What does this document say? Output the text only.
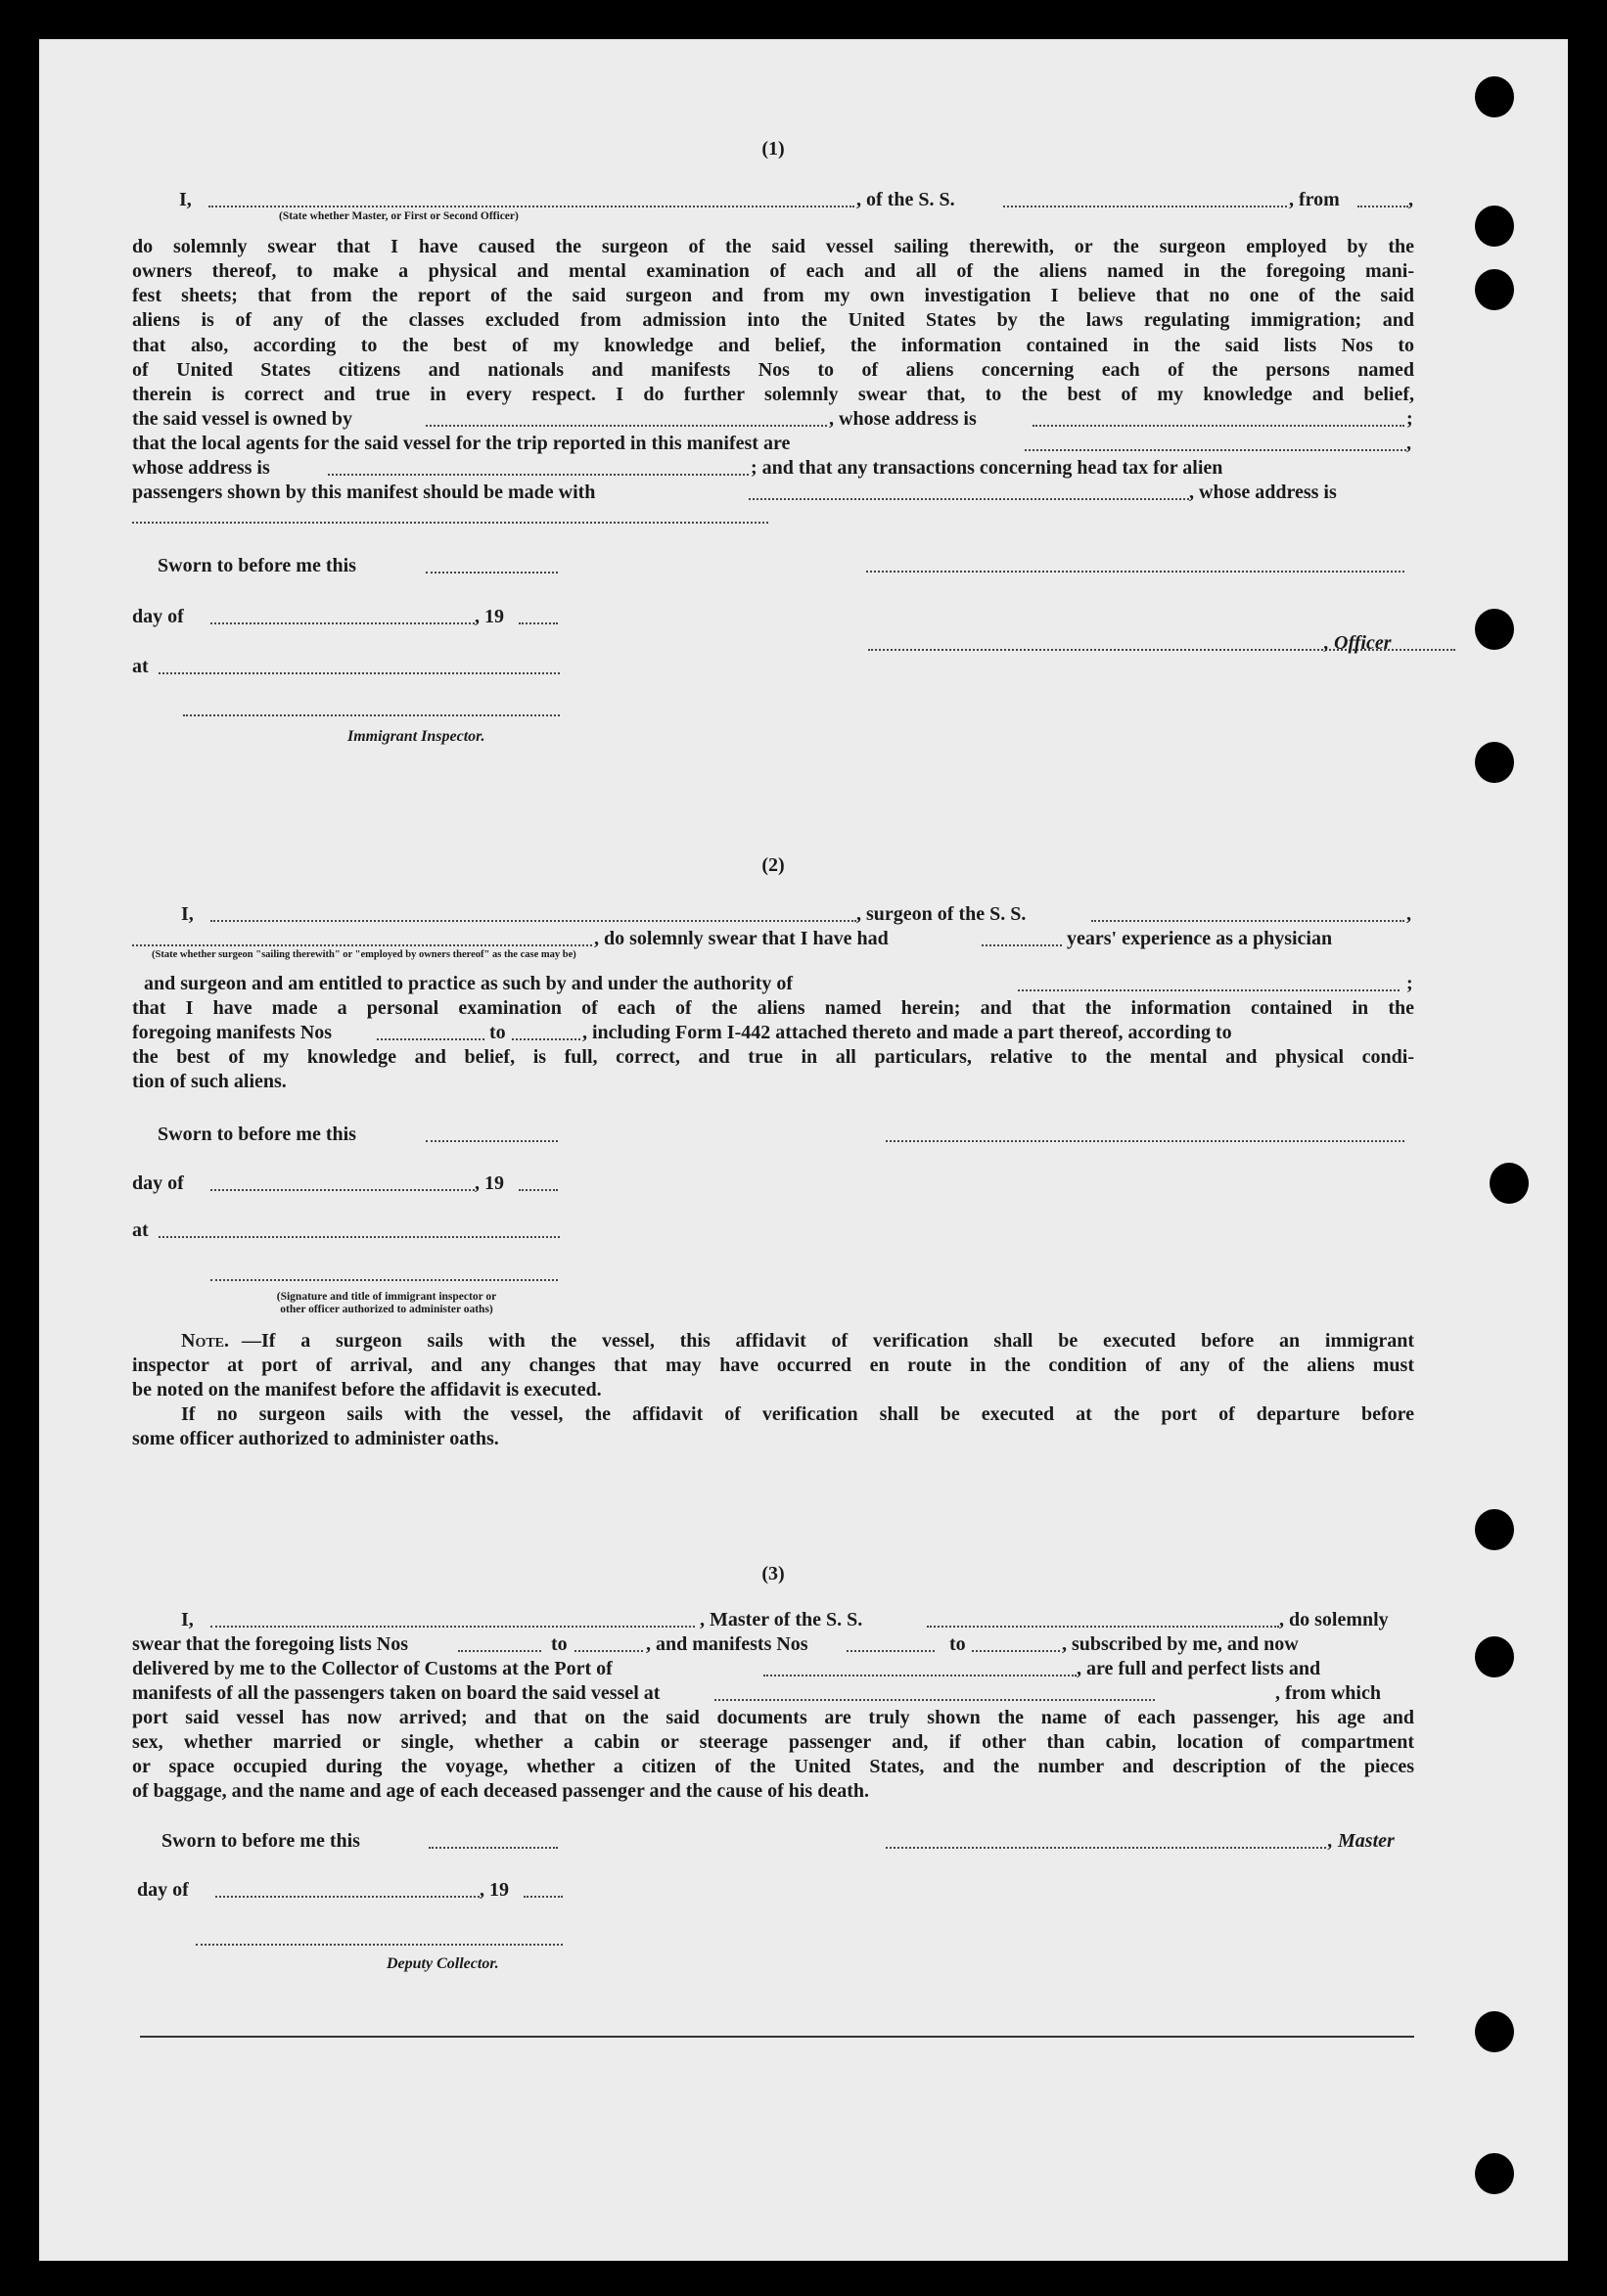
(1)
I,	, of the S. S.	, from	,
(State whether Master, or First or Second Officer)
do solemnly swear that I have caused the surgeon of the said vessel sailing therewith, or the surgeon employed by the
owners thereof, to make a physical and mental examination of each and all of the aliens named in the foregoing mani-
fest sheets; that from the report of the said surgeon and from my own investigation I believe that no one of the said
aliens is of any of the classes excluded from admission into the United States by the laws regulating immigration; and
that also, according to the best of my knowledge and belief, the information contained in the said lists Nos to
of United States citizens and nationals and manifests Nos to of aliens concerning each of the persons named
therein is correct and true in every respect. I do further solemnly swear that, to the best of my knowledge and belief,
the said vessel is owned by	, whose address is	;
that the local agents for the said vessel for the trip reported in this manifest are	,
whose address is	; and that any transactions concerning head tax for alien
passengers shown by this manifest should be made with	, whose address is
Sworn to before me this
day of	, 19
, Officer
at
Immigrant Inspector.
(2)
I,	, surgeon of the S. S.	,
, do solemnly swear that I have had	years' experience as a physician
(State whether surgeon "sailing therewith" or "employed by owners thereof" as the case may be)
and surgeon and am entitled to practice as such by and under the authority of	;
that I have made a personal examination of each of the aliens named herein; and that the information contained in the
foregoing manifests Nos	to	, including Form I-442 attached thereto and made a part thereof, according to
the best of my knowledge and belief, is full, correct, and true in all particulars, relative to the mental and physical condi-
tion of such aliens.
Sworn to before me this
day of	, 19
at
(Signature and title of immigrant inspector or
other officer authorized to administer oaths)
Note. —If a surgeon sails with the vessel, this affidavit of verification shall be executed before an immigrant
inspector at port of arrival, and any changes that may have occurred en route in the condition of any of the aliens must
be noted on the manifest before the affidavit is executed.
If no surgeon sails with the vessel, the affidavit of verification shall be executed at the port of departure before
some officer authorized to administer oaths.
(3)
I,	, Master of the S. S.	, do solemnly
swear that the foregoing lists Nos	to	, and manifests Nos	to	, subscribed by me, and now
delivered by me to the Collector of Customs at the Port of	, are full and perfect lists and
manifests of all the passengers taken on board the said vessel at	, from which
port said vessel has now arrived; and that on the said documents are truly shown the name of each passenger, his age and
sex, whether married or single, whether a cabin or steerage passenger and, if other than cabin, location of compartment
or space occupied during the voyage, whether a citizen of the United States, and the number and description of the pieces
of baggage, and the name and age of each deceased passenger and the cause of his death.
Sworn to before me this	, Master
day of	, 19
Deputy Collector.
